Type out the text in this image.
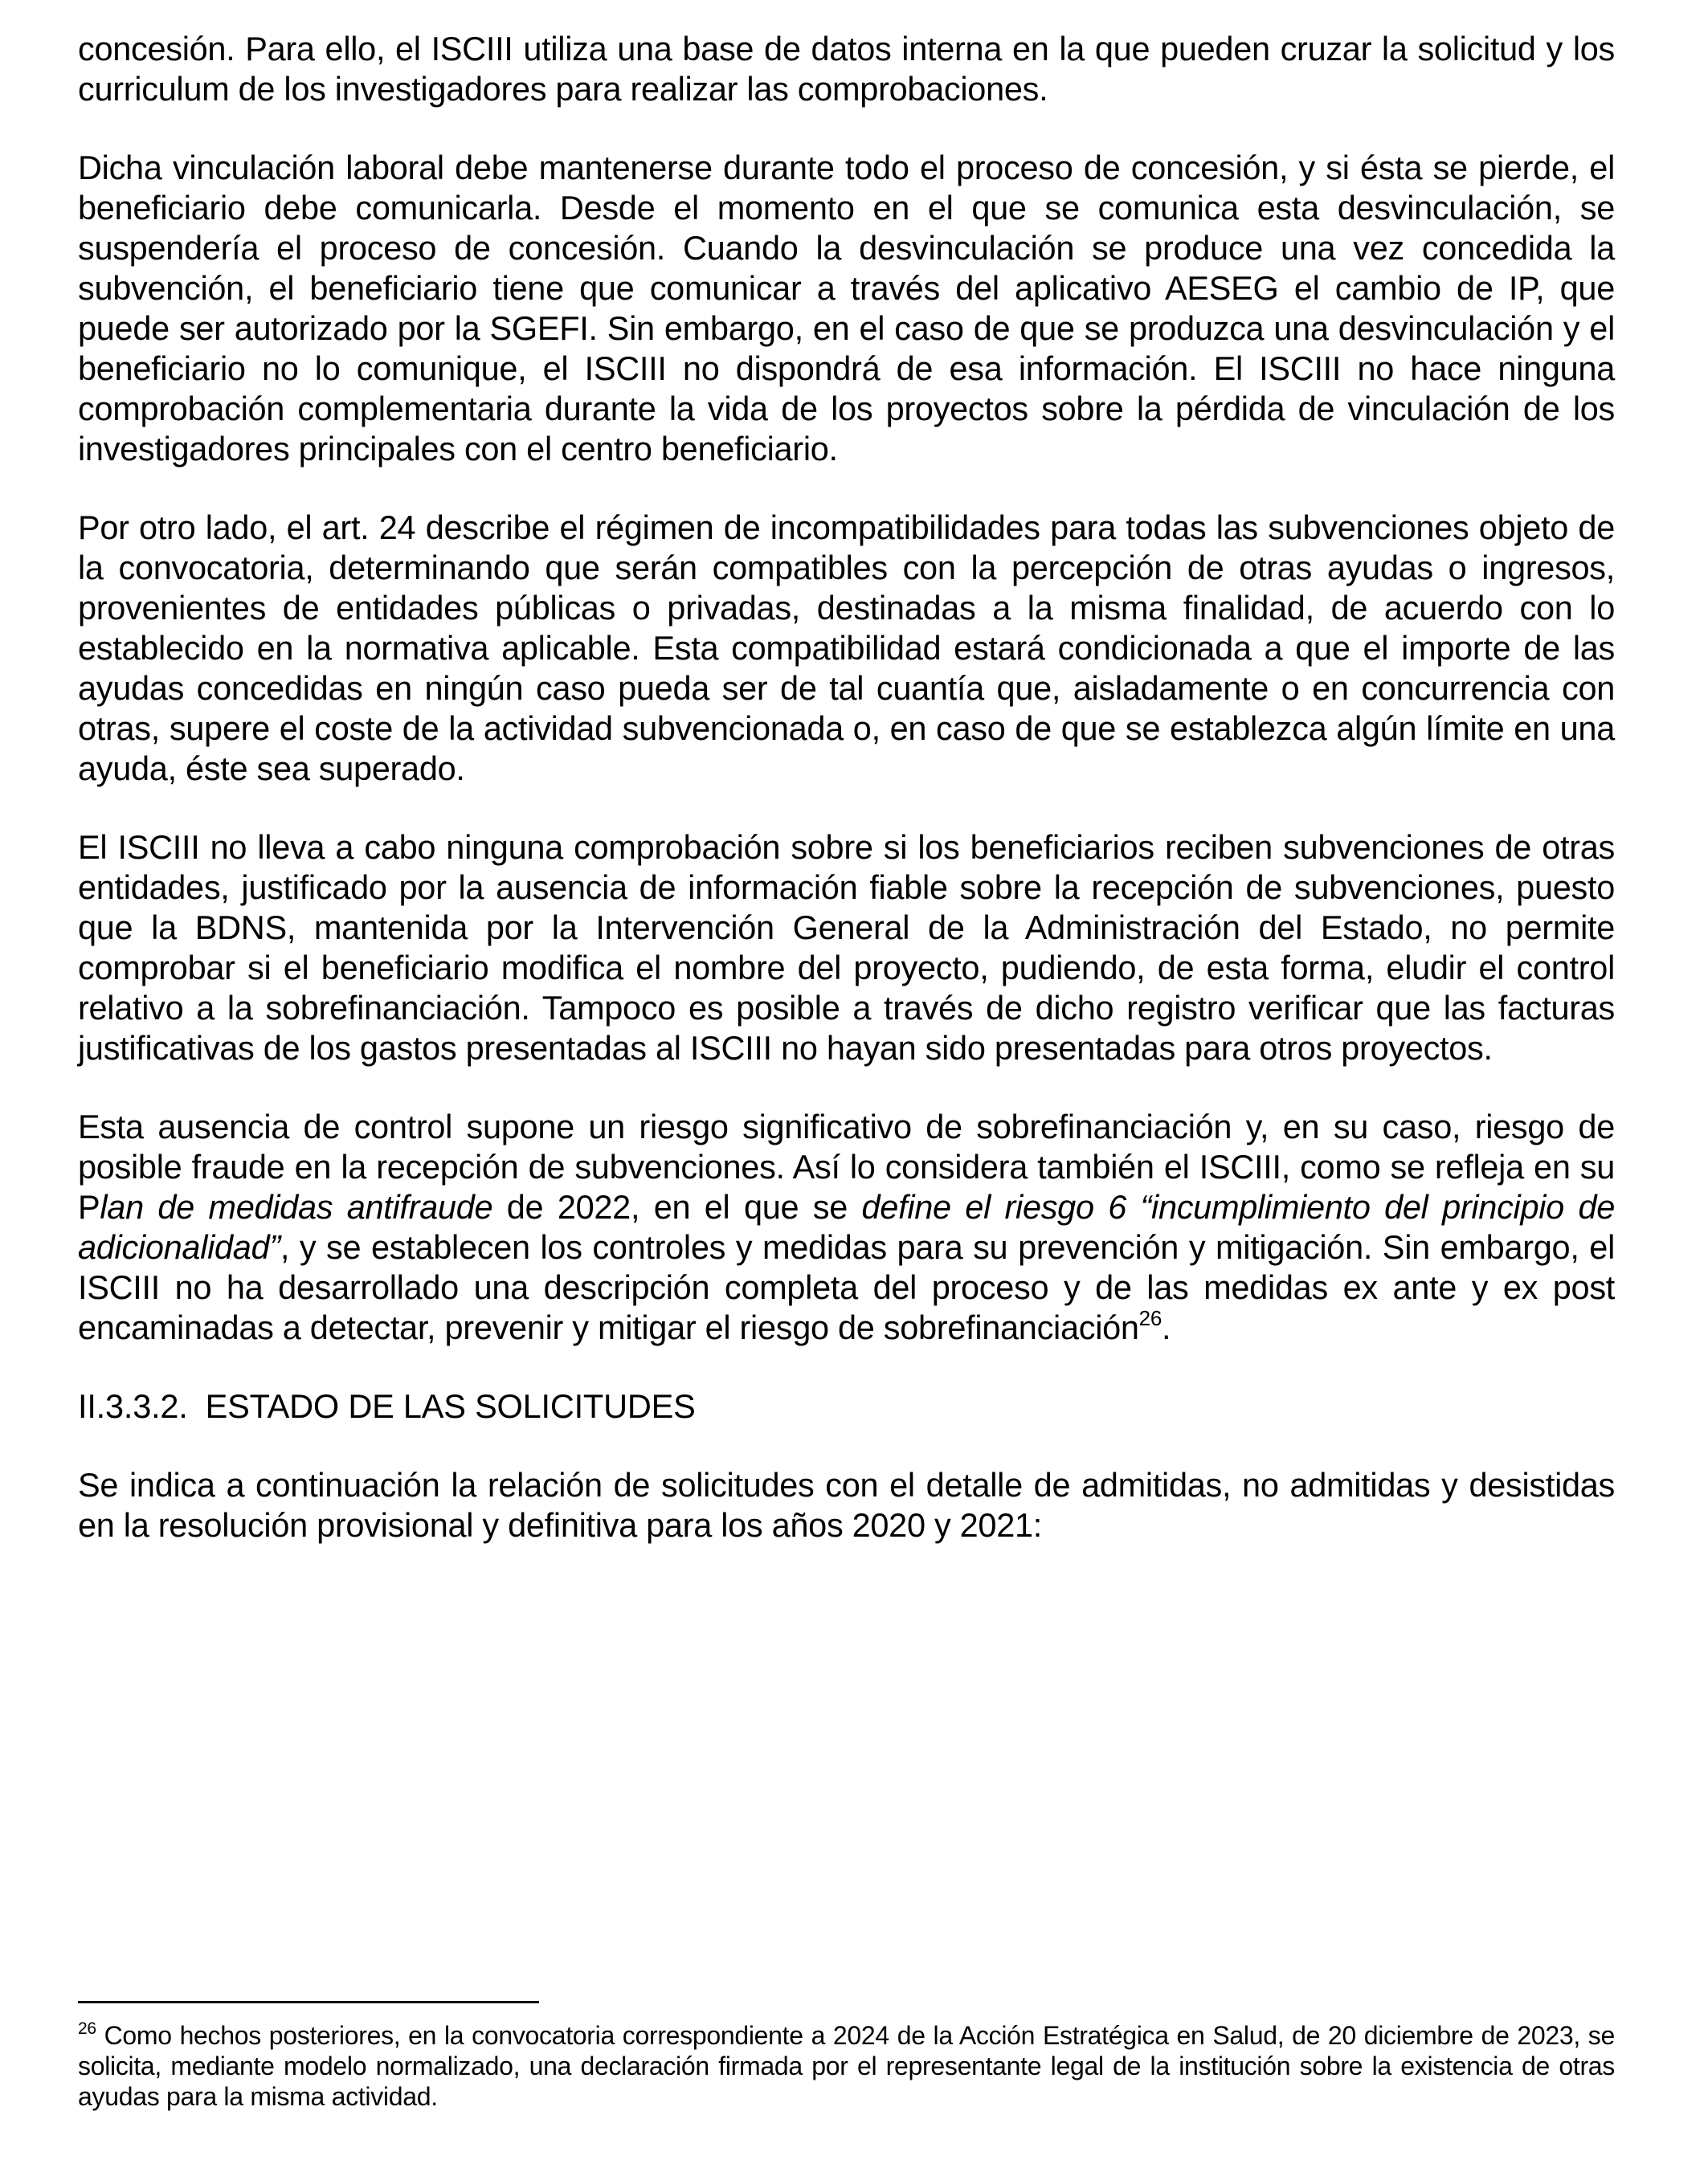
concesión. Para ello, el ISCIII utiliza una base de datos interna en la que pueden cruzar la solicitud y los curriculum de los investigadores para realizar las comprobaciones.

Dicha vinculación laboral debe mantenerse durante todo el proceso de concesión, y si ésta se pierde, el beneficiario debe comunicarla. Desde el momento en el que se comunica esta desvinculación, se suspendería el proceso de concesión. Cuando la desvinculación se produce una vez concedida la subvención, el beneficiario tiene que comunicar a través del aplicativo AESEG el cambio de IP, que puede ser autorizado por la SGEFI. Sin embargo, en el caso de que se produzca una desvinculación y el beneficiario no lo comunique, el ISCIII no dispondrá de esa información. El ISCIII no hace ninguna comprobación complementaria durante la vida de los proyectos sobre la pérdida de vinculación de los investigadores principales con el centro beneficiario.

Por otro lado, el art. 24 describe el régimen de incompatibilidades para todas las subvenciones objeto de la convocatoria, determinando que serán compatibles con la percepción de otras ayudas o ingresos, provenientes de entidades públicas o privadas, destinadas a la misma finalidad, de acuerdo con lo establecido en la normativa aplicable. Esta compatibilidad estará condicionada a que el importe de las ayudas concedidas en ningún caso pueda ser de tal cuantía que, aisladamente o en concurrencia con otras, supere el coste de la actividad subvencionada o, en caso de que se establezca algún límite en una ayuda, éste sea superado.

El ISCIII no lleva a cabo ninguna comprobación sobre si los beneficiarios reciben subvenciones de otras entidades, justificado por la ausencia de información fiable sobre la recepción de subvenciones, puesto que la BDNS, mantenida por la Intervención General de la Administración del Estado, no permite comprobar si el beneficiario modifica el nombre del proyecto, pudiendo, de esta forma, eludir el control relativo a la sobrefinanciación. Tampoco es posible a través de dicho registro verificar que las facturas justificativas de los gastos presentadas al ISCIII no hayan sido presentadas para otros proyectos.

Esta ausencia de control supone un riesgo significativo de sobrefinanciación y, en su caso, riesgo de posible fraude en la recepción de subvenciones. Así lo considera también el ISCIII, como se refleja en su Plan de medidas antifraude de 2022, en el que se define el riesgo 6 “incumplimiento del principio de adicionalidad”, y se establecen los controles y medidas para su prevención y mitigación. Sin embargo, el ISCIII no ha desarrollado una descripción completa del proceso y de las medidas ex ante y ex post encaminadas a detectar, prevenir y mitigar el riesgo de sobrefinanciación$^{26}$.

II.3.3.2. ESTADO DE LAS SOLICITUDES

Se indica a continuación la relación de solicitudes con el detalle de admitidas, no admitidas y desistidas en la resolución provisional y definitiva para los años 2020 y 2021:

$^{26}$ Como hechos posteriores, en la convocatoria correspondiente a 2024 de la Acción Estratégica en Salud, de 20 diciembre de 2023, se solicita, mediante modelo normalizado, una declaración firmada por el representante legal de la institución sobre la existencia de otras ayudas para la misma actividad.
